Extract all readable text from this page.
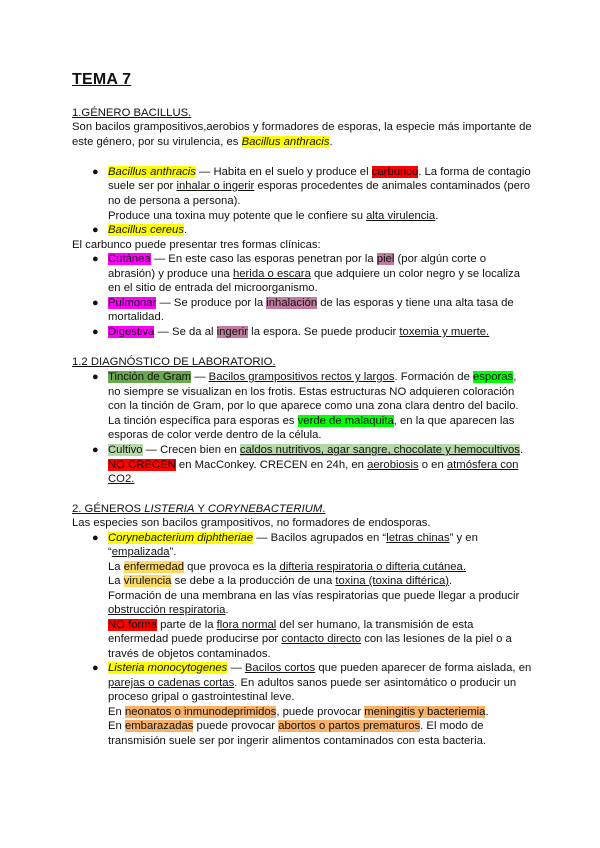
TEMA 7
1.GÉNERO BACILLUS.
Son bacilos grampositivos,aerobios y formadores de esporas, la especie más importante de
este género, por su virulencia, es Bacillus anthracis.
● Bacillus anthracis — Habita en el suelo y produce el carbunco. La forma de contagio
suele ser por inhalar o ingerir esporas procedentes de animales contaminados (pero
no de persona a persona).
Produce una toxina muy potente que le confiere su alta virulencia.
● Bacillus cereus.
El carbunco puede presentar tres formas clínicas:
● Cutánea — En este caso las esporas penetran por la piel (por algún corte o
abrasión) y produce una herida o escara que adquiere un color negro y se localiza
en el sitio de entrada del microorganismo.
● Pulmonar — Se produce por la inhalación de las esporas y tiene una alta tasa de
mortalidad.
● Digestiva — Se da al ingerir la espora. Se puede producir toxemia y muerte.
1.2 DIAGNÓSTICO DE LABORATORIO.
● Tinción de Gram — Bacilos grampositivos rectos y largos. Formación de esporas,
no siempre se visualizan en los frotis. Estas estructuras NO adquieren coloración
con la tinción de Gram, por lo que aparece como una zona clara dentro del bacilo.
La tinción específica para esporas es verde de malaquita, en la que aparecen las
esporas de color verde dentro de la célula.
● Cultivo — Crecen bien en caldos nutritivos, agar sangre, chocolate y hemocultivos.
NO CRECEN en MacConkey. CRECEN en 24h, en aerobiosis o en atmósfera con
CO2.
2. GÉNEROS LISTERIA Y CORYNEBACTERIUM.
Las especies son bacilos grampositivos, no formadores de endosporas.
● Corynebacterium diphtheriae — Bacilos agrupados en “letras chinas” y en
“empalizada”.
La enfermedad que provoca es la difteria respiratoria o difteria cutánea.
La virulencia se debe a la producción de una toxina (toxina diftérica).
Formación de una membrana en las vías respiratorias que puede llegar a producir
obstrucción respiratoria.
NO forma parte de la flora normal del ser humano, la transmisión de esta
enfermedad puede producirse por contacto directo con las lesiones de la piel o a
través de objetos contaminados.
● Listeria monocytogenes — Bacilos cortos que pueden aparecer de forma aislada, en
parejas o cadenas cortas. En adultos sanos puede ser asintomático o producir un
proceso gripal o gastrointestinal leve.
En neonatos o inmunodeprimidos, puede provocar meningitis y bacteriemia.
En embarazadas puede provocar abortos o partos prematuros. El modo de
transmisión suele ser por ingerir alimentos contaminados con esta bacteria.
